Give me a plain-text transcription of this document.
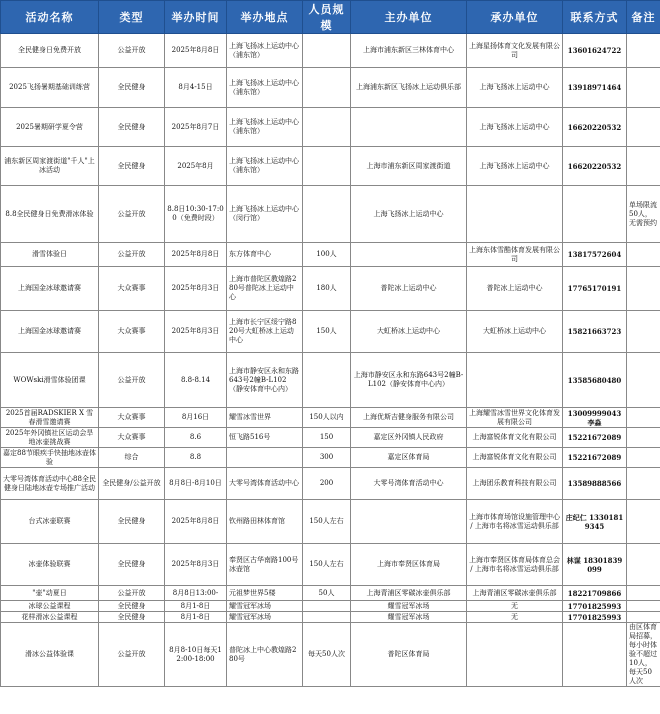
活动名称	类型	举办时间	举办地点	人员规模	主办单位	承办单位	联系方式	备注
全民健身日免费开放	公益开放	2025年8月8日	上海飞扬冰上运动中心（浦东馆）		上海市浦东新区三林体育中心	上海星扬体育文化发展有限公司	13601624722	
2025飞扬暑期基础训练营	全民健身	8月4-15日	上海飞扬冰上运动中心（浦东馆）		上海浦东新区飞扬冰上运动俱乐部	上海飞扬冰上运动中心	13918971464	
2025暑期研学夏令营	全民健身	2025年8月7日	上海飞扬冰上运动中心（浦东馆）			上海飞扬冰上运动中心	16620220532	
浦东新区周家渡街道"千人"上冰活动	全民健身	2025年8月	上海飞扬冰上运动中心（浦东馆）		上海市浦东新区周家渡街道	上海飞扬冰上运动中心	16620220532	
8.8全民健身日免费滑冰体验	公益开放	8.8日10:30-17:00（免费时段）	上海飞扬冰上运动中心（闵行馆）		上海飞扬冰上运动中心			单场限流50人，无需预约
滑雪体验日	公益开放	2025年8月8日	东方体育中心	100人		上海东体雪酷体育发展有限公司	13817572604	
上海国金冰球邀请赛	大众赛事	2025年8月3日	上海市普陀区教煌路280号普陀冰上运动中心	180人	普陀冰上运动中心	普陀冰上运动中心	17765170191	
上海国金冰球邀请赛	大众赛事	2025年8月3日	上海市长宁区绥宁路820号大虹桥冰上运动中心	150人	大虹桥冰上运动中心	大虹桥冰上运动中心	15821663723	
WOWski滑雪体验团课	公益开放	8.8-8.14	上海市静安区永和东路643号2幢B-L102（静安体育中心内）		上海市静安区永和东路643号2幢B-L102（静安体育中心内）		13585680480	
2025首届RADSKIER X 雪春滑雪邀请赛	大众赛事	8月16日	耀雪冰雪世界	150人以内	上海优斯吉健身服务有限公司	上海耀雪冰雪世界文化体育发展有限公司	13009999043 李淼	
2025年外冈镇社区运动会旱地冰壶挑战赛	大众赛事	8.6	恒飞路516号	150	嘉定区外冈镇人民政府	上海富锐体育文化有限公司	15221672089	
嘉定88节眼疾手快抽地冰壶体验	综合	8.8		300	嘉定区体育局	上海富锐体育文化有限公司	15221672089	
大零号湾体育活动中心88全民健身日陆地冰壶专场推广活动	全民健身/公益开放	8月8日-8月10日	大零号湾体育活动中心	200	大零号湾体育活动中心	上海团乐教育科技有限公司	13589888566	
台式冰壶联赛	全民健身	2025年8月8日	钦州路田林体育馆	150人左右		上海市体育场馆设施管理中心 / 上海市名将冰雪运动俱乐部	庄纪仁 13301819345	
冰壶体验联赛	全民健身	2025年8月3日	奉贤区古华南路100号冰壶馆	150人左右	上海市奉贤区体育局	上海市奉贤区体育局体育总会 / 上海市名将冰雪运动俱乐部	林谋 18301839099	
"壶"动夏日	公益开放	8月8日13:00-	元祖梦世界5楼	50人	上海青浦区零碳冰壶俱乐部	上海青浦区零碳冰壶俱乐部	18221709866	
冰球公益课程	全民健身	8月1-8日	耀雪冠军冰场		耀雪冠军冰场	无	17701825993	
花样滑冰公益课程	全民健身	8月1-8日	耀雪冠军冰场		耀雪冠军冰场	无	17701825993	
滑冰公益体验课	公益开放	8月8-10日每天12:00-18:00	普陀冰上中心教煌路280号	每天50人次	普陀区体育局			由区体育局招募，每小时体验不超过10人，每天50人次
